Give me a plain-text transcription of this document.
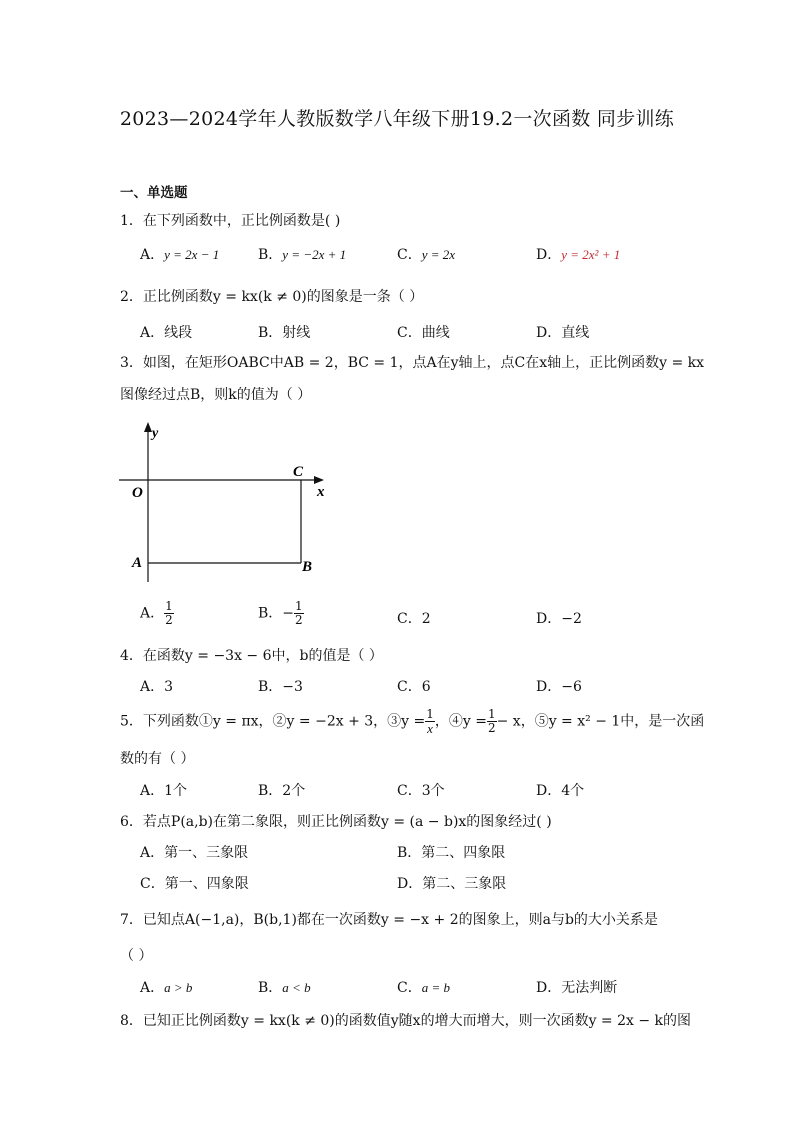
2023—2024学年人教版数学八年级下册19.2一次函数 同步训练
一、单选题
1．在下列函数中，正比例函数是( )
A．y = 2x − 1	B．y = −2x + 1	C．y = 2x	D．y = 2x² + 1
2．正比例函数y = kx(k ≠ 0)的图象是一条（ ）
A．线段	B．射线	C．曲线	D．直线
3．如图，在矩形OABC中AB = 2，BC = 1，点A在y轴上，点C在x轴上，正比例函数y = kx
图像经过点B，则k的值为（ ）
y
x
O
C
A	B
A． $\frac{1}{2}$	B．− $\frac{1}{2}$	C．2	D．−2
4．在函数y = −3x − 6中，b的值是（ ）
A．3	B．−3	C．6	D．−6
5．下列函数①y = πx，②y = −2x + 3，③y = $\frac{1}{x}$ ，④y = $\frac{1}{2} - x$，⑤y = x² − 1中，是一次函
数的有（ ）
A．1个	B．2个	C．3个	D．4个
6．若点P(a,b)在第二象限，则正比例函数y = (a − b)x的图象经过( )
A．第一、三象限	B．第二、四象限
C．第一、四象限	D．第二、三象限
7．已知点A(−1,a)，B(b,1)都在一次函数y = −x + 2的图象上，则a与b的大小关系是
（ ）
A．a > b	B．a < b	C．a = b	D．无法判断
8．已知正比例函数y = kx(k ≠ 0)的函数值y随x的增大而增大，则一次函数y = 2x − k的图
